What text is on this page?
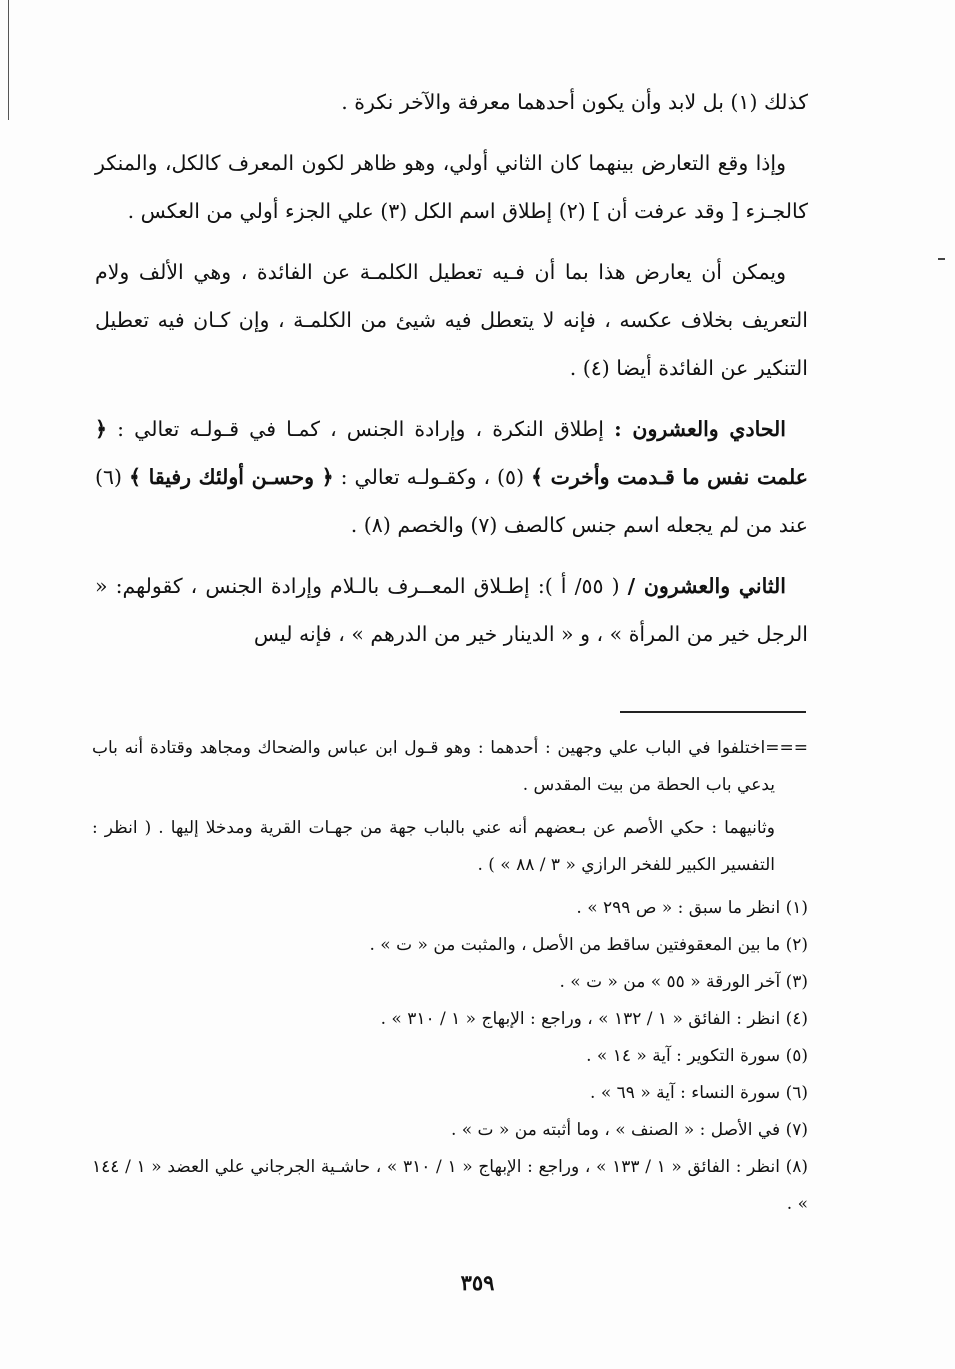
كذلك (١) بل لابد وأن يكون أحدهما معرفة والآخر نكرة .

وإذا وقع التعارض بينهما كان الثاني أولي، وهو ظاهر لكون المعرف كالكل، والمنكر كالجـزء [ وقد عرفت أن ] (٢) إطلاق اسم الكل (٣) علي الجزء أولي من العكس .

ويمكن أن يعارض هذا بما أن فـيه تعطيل الكلمـة عن الفائدة ، وهي الألف ولام التعريف بخلاف عكسه ، فإنه لا يتعطل فيه شيئ من الكلمـة ، وإن كـان فيه تعطيل التنكير عن الفائدة أيضا (٤) .

الحادي والعشرون : إطلاق النكرة ، وإرادة الجنس ، كمـا في قـولـه تعالي : ﴿ علمت نفس ما قـدمت وأخرت ﴾ (٥) ، وكقـولـه تعالي : ﴿ وحسـن أولئك رفيقا ﴾ (٦) عند من لم يجعله اسم جنس كالصف (٧) والخصم (٨) .

الثاني والعشرون / ( ٥٥/ أ ): إطـلاق المعــرف بالـلام وإرادة الجنس ، كقولهم: « الرجل خير من المرأة » ، و « الدينار خير من الدرهم » ، فإنه ليس

===اختلفوا في الباب علي وجهين : أحدهما : وهو قـول ابن عباس والضحاك ومجاهد وقتادة أنه باب يدعي باب الحطة من بيت المقدس .

وثانيهما : حكي الأصم عن بـعضهم أنه عني بالباب جهة من جهـات القرية ومدخلا إليها . ( انظر : التفسير الكبير للفخر الرازي « ٣ / ٨٨ » ) .

(١) انظر ما سبق : « ص ٢٩٩ » .

(٢) ما بين المعقوفتين ساقط من الأصل ، والمثبت من « ت » .

(٣) آخر الورقة « ٥٥ » من « ت » .

(٤) انظر : الفائق « ١ / ١٣٢ » ، وراجع : الإبهاج « ١ / ٣١٠ » .

(٥) سورة التكوير : آية « ١٤ » .

(٦) سورة النساء : آية « ٦٩ » .

(٧) في الأصل : « الصنف » ، وما أثبته من « ت » .

(٨) انظر : الفائق « ١ / ١٣٣ » ، وراجع : الإبهاج « ١ / ٣١٠ » ، حاشـية الجرجاني علي العضد « ١ / ١٤٤ » .

٣٥٩
